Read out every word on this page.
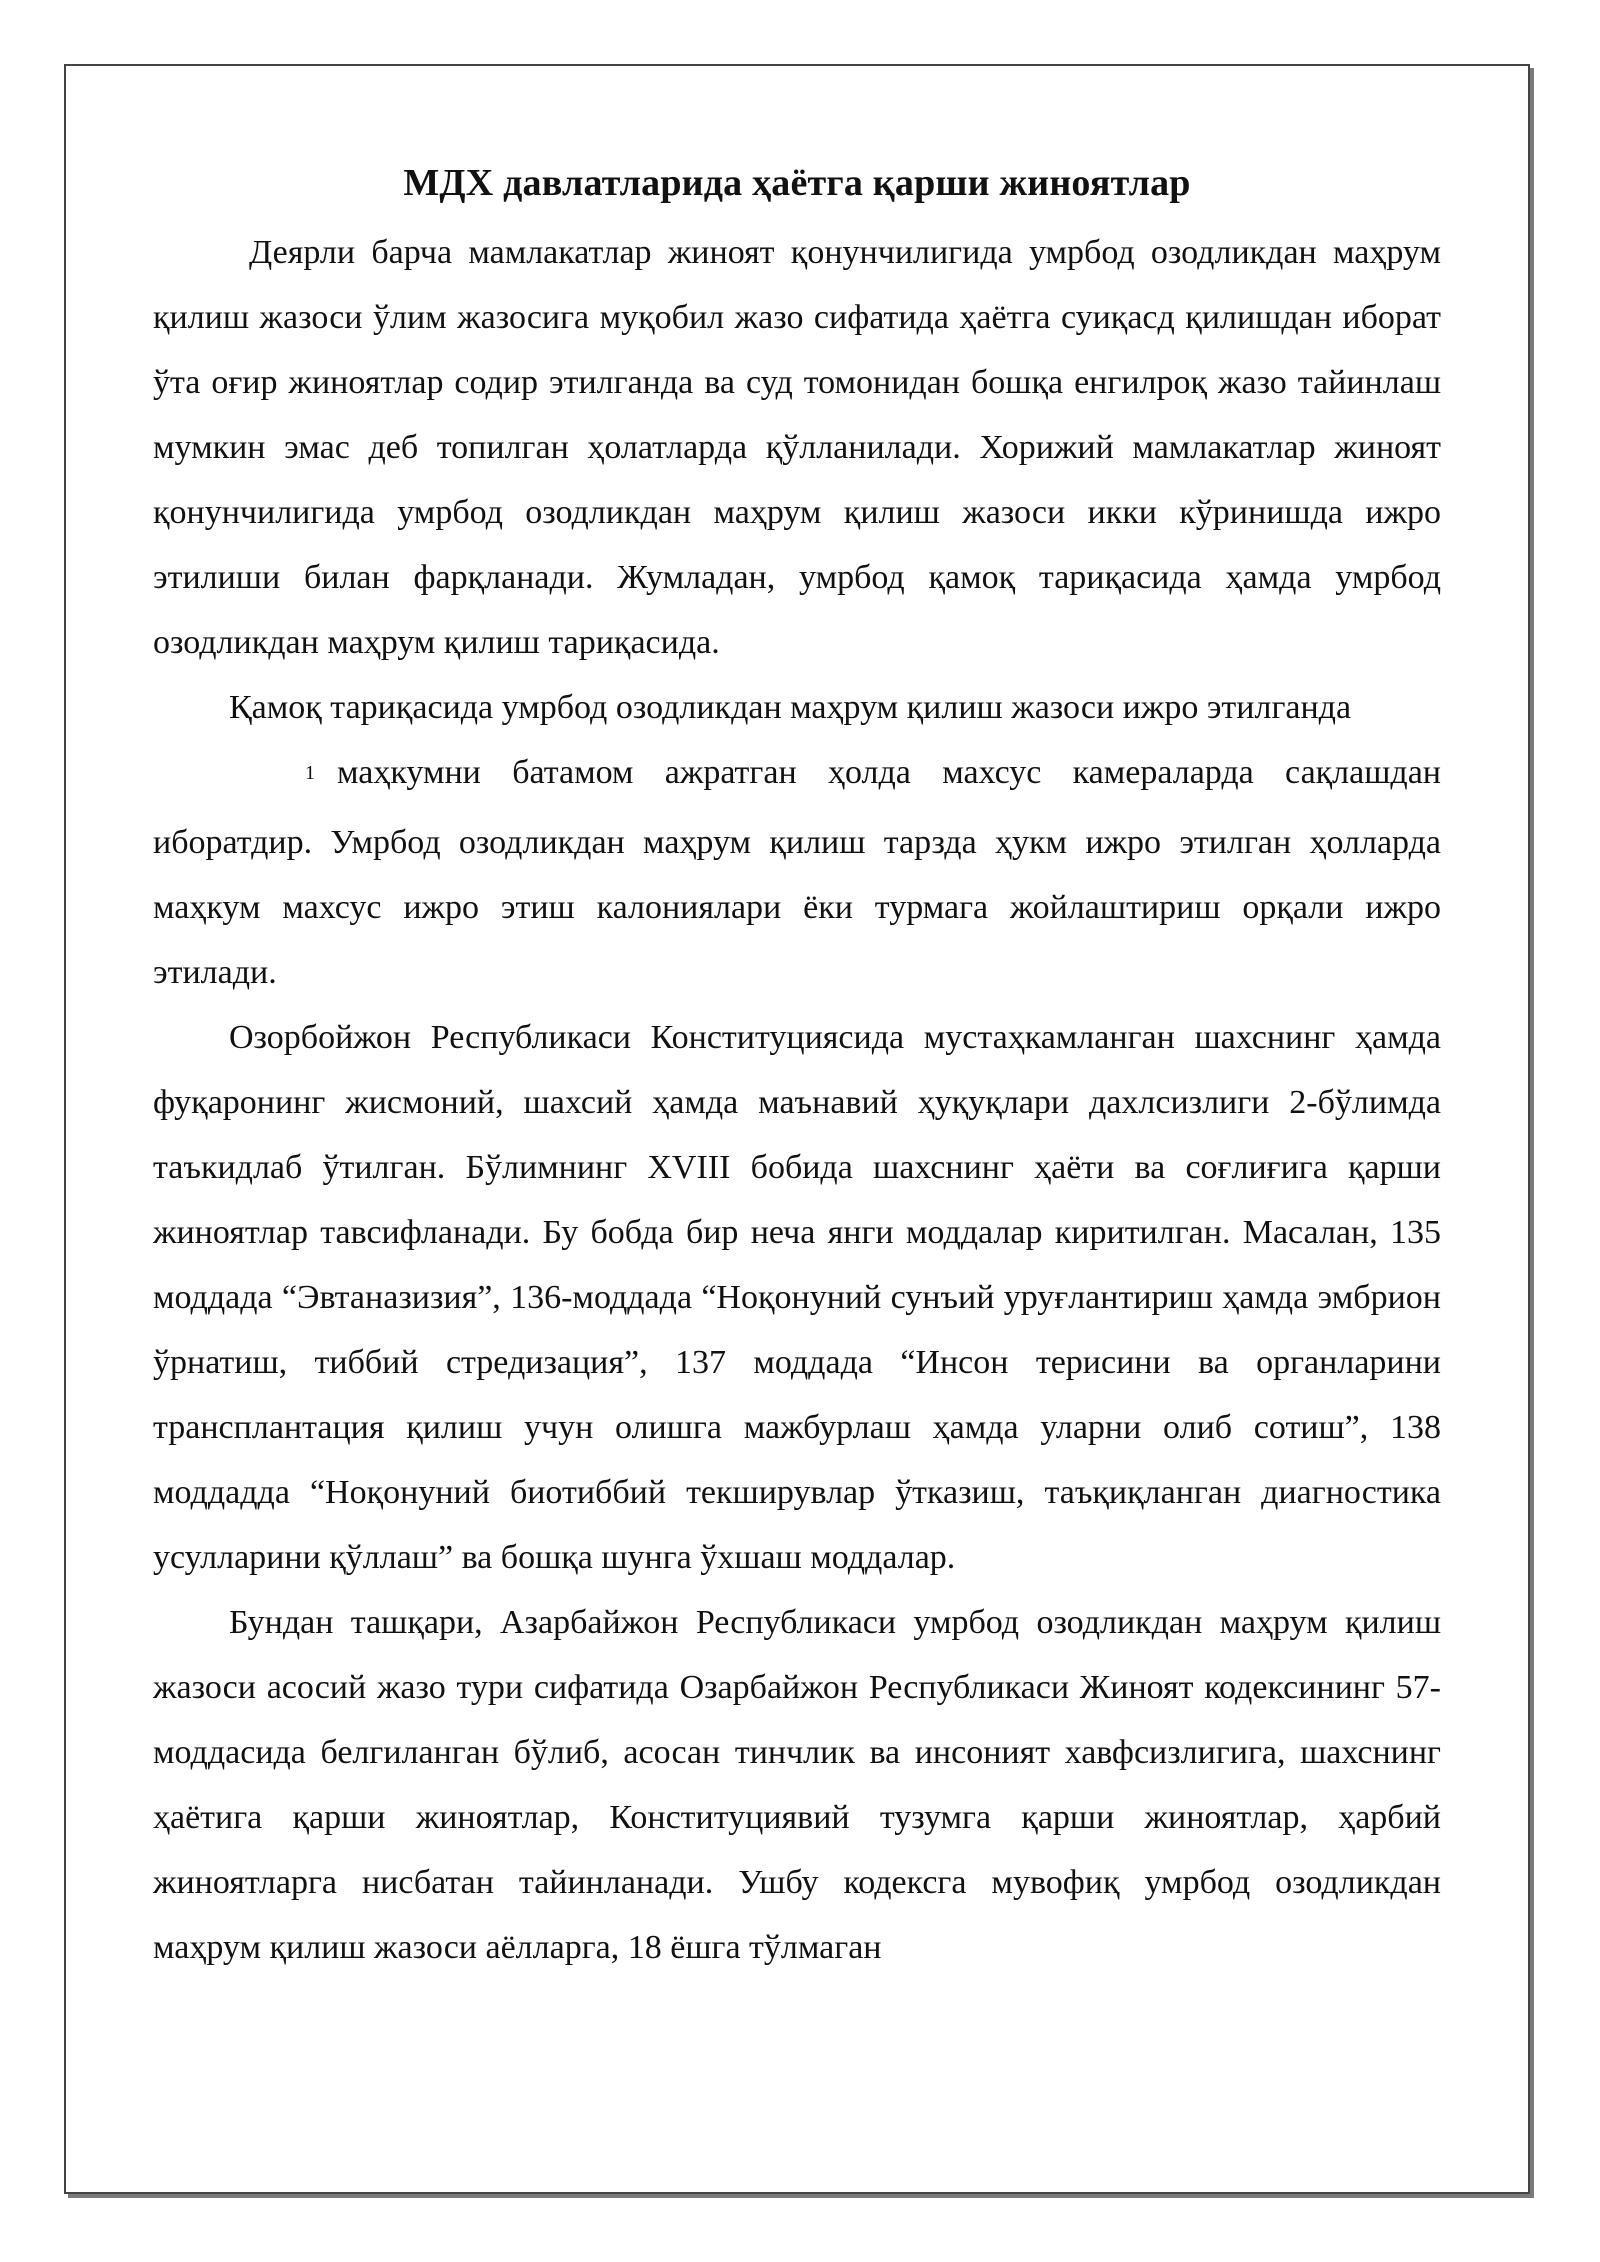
МДХ давлатларида ҳаётга қарши жиноятлар

Деярли барча мамлакатлар жиноят қонунчилигида умрбод озодликдан маҳрум қилиш жазоси ўлим жазосига муқобил жазо сифатида ҳаётга суиқасд қилишдан иборат ўта оғир жиноятлар содир этилганда ва суд томонидан бошқа енгилроқ жазо тайинлаш мумкин эмас деб топилган ҳолатларда қўлланилади. Хорижий мамлакатлар жиноят қонунчилигида умрбод озодликдан маҳрум қилиш жазоси икки кўринишда ижро этилиши билан фарқланади. Жумладан, умрбод қамоқ тариқасида ҳамда умрбод озодликдан маҳрум қилиш тариқасида.

Қамоқ тариқасида умрбод озодликдан маҳрум қилиш жазоси ижро этилганда

1 маҳкумни батамом ажратган ҳолда махсус камераларда сақлашдан иборатдир. Умрбод озодликдан маҳрум қилиш тарзда ҳукм ижро этилган ҳолларда маҳкум махсус ижро этиш калониялари ёки турмага жойлаштириш орқали ижро этилади.

Озорбойжон Республикаси Конституциясида мустаҳкамланган шахснинг ҳамда фуқаронинг жисмоний, шахсий ҳамда маънавий ҳуқуқлари дахлсизлиги 2-бўлимда таъкидлаб ўтилган. Бўлимнинг XVIII бобида шахснинг ҳаёти ва соғлиғига қарши жиноятлар тавсифланади. Бу бобда бир неча янги моддалар киритилган. Масалан, 135 моддада “Эвтаназизия”, 136-моддада “Ноқонуний сунъий уруғлантириш ҳамда эмбрион ўрнатиш, тиббий стредизация”, 137 моддада “Инсон терисини ва органларини трансплантация қилиш учун олишга мажбурлаш ҳамда уларни олиб сотиш”, 138 моддадда “Ноқонуний биотиббий текширувлар ўтказиш, таъқиқланган диагностика усулларини қўллаш” ва бошқа шунга ўхшаш моддалар.

Бундан ташқари, Азарбайжон Республикаси умрбод озодликдан маҳрум қилиш жазоси асосий жазо тури сифатида Озарбайжон Республикаси Жиноят кодексининг 57-моддасида белгиланган бўлиб, асосан тинчлик ва инсоният хавфсизлигига, шахснинг ҳаётига қарши жиноятлар, Конституциявий тузумга қарши жиноятлар, ҳарбий жиноятларга нисбатан тайинланади. Ушбу кодексга мувофиқ умрбод озодликдан маҳрум қилиш жазоси аёлларга, 18 ёшга тўлмаган
